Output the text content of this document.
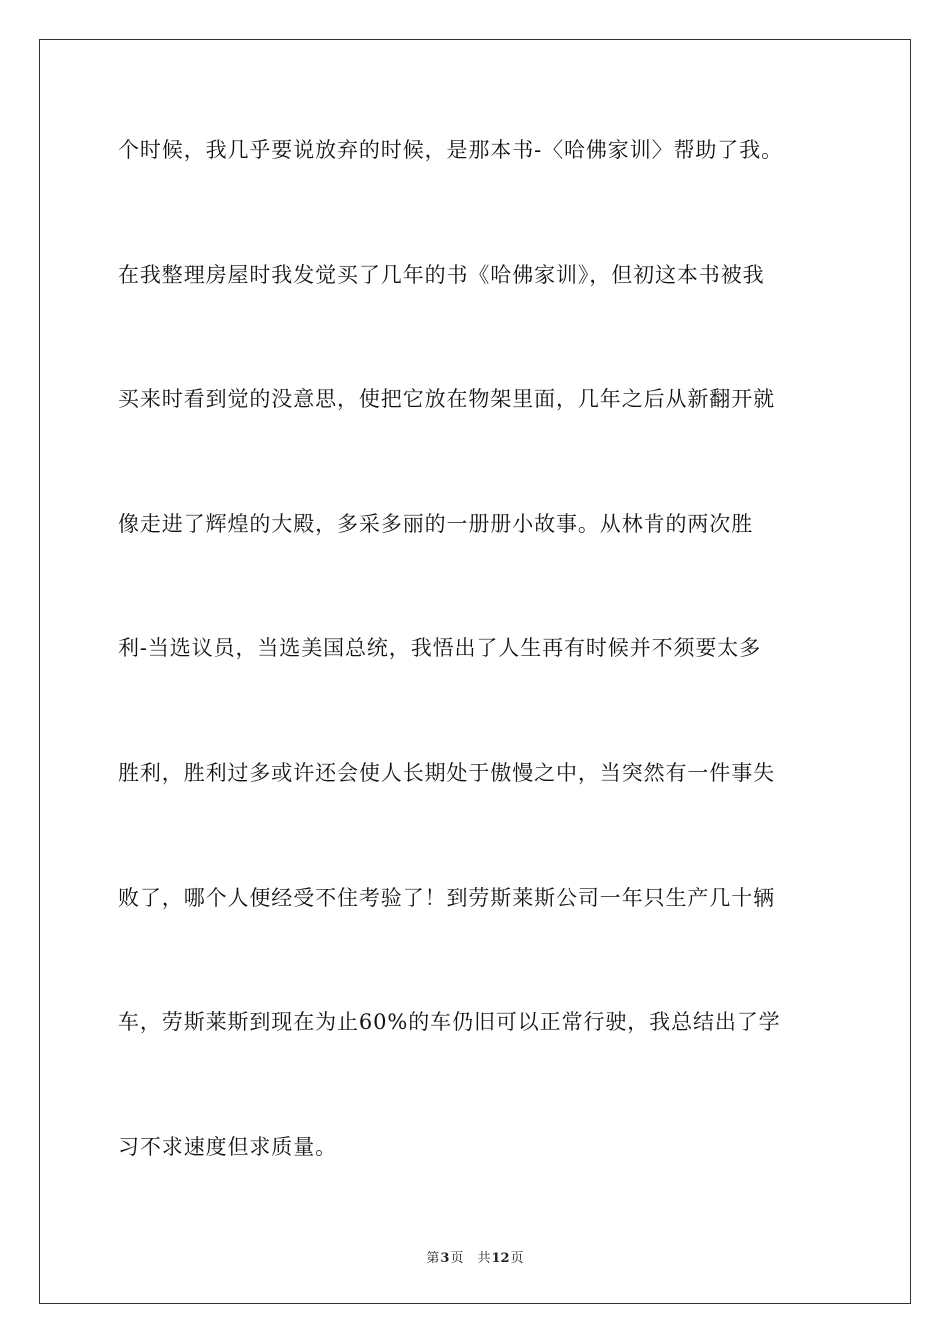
个时候，我几乎要说放弃的时候，是那本书-〈哈佛家训〉帮助了我。
在我整理房屋时我发觉买了几年的书《哈佛家训》，但初这本书被我
买来时看到觉的没意思，使把它放在物架里面，几年之后从新翻开就
像走进了辉煌的大殿，多采多丽的一册册小故事。从林肯的两次胜
利-当选议员，当选美国总统，我悟出了人生再有时候并不须要太多
胜利，胜利过多或许还会使人长期处于傲慢之中，当突然有一件事失
败了，哪个人便经受不住考验了！到劳斯莱斯公司一年只生产几十辆
车，劳斯莱斯到现在为止60%的车仍旧可以正常行驶，我总结出了学
习不求速度但求质量。
第3页 共12页
